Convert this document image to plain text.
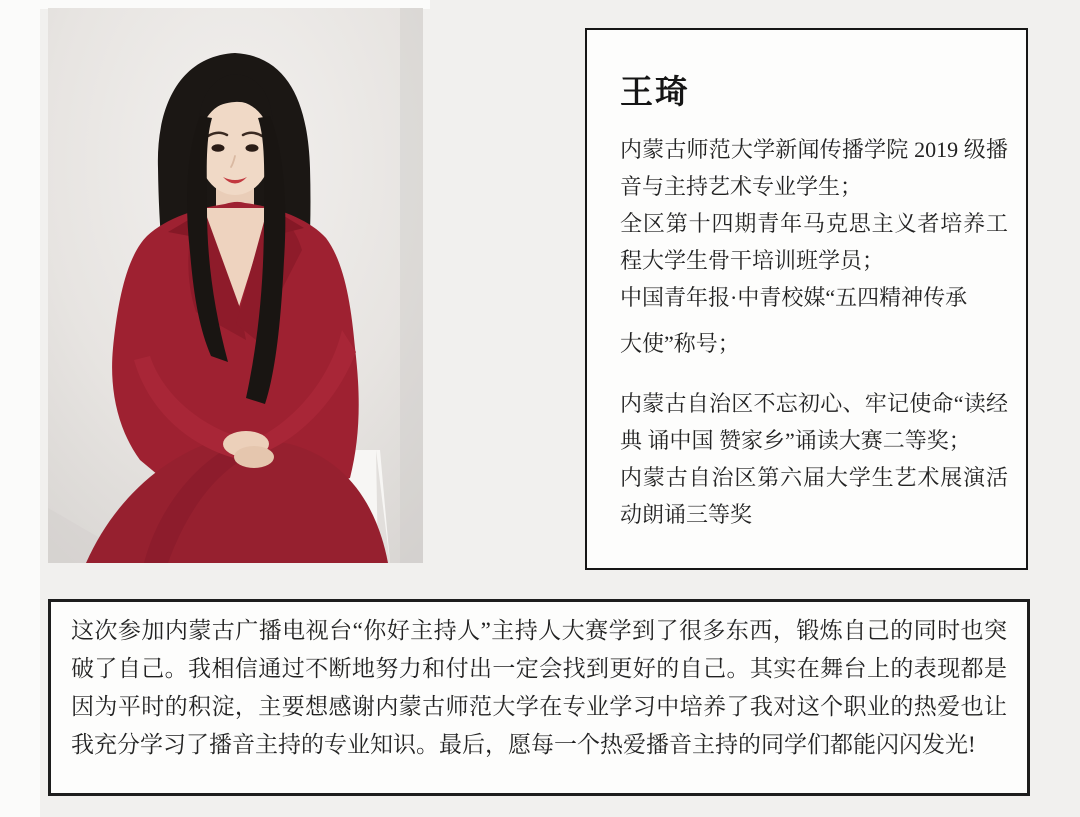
王琦

内蒙古师范大学新闻传播学院 2019 级播音与主持艺术专业学生；

全区第十四期青年马克思主义者培养工程大学生骨干培训班学员；

中国青年报·中青校媒“五四精神传承

大使”称号；

内蒙古自治区不忘初心、牢记使命“读经典 诵中国 赞家乡”诵读大赛二等奖；

内蒙古自治区第六届大学生艺术展演活动朗诵三等奖

这次参加内蒙古广播电视台“你好主持人”主持人大赛学到了很多东西，锻炼自己的同时也突破了自己。我相信通过不断地努力和付出一定会找到更好的自己。其实在舞台上的表现都是因为平时的积淀，主要想感谢内蒙古师范大学在专业学习中培养了我对这个职业的热爱也让我充分学习了播音主持的专业知识。最后，愿每一个热爱播音主持的同学们都能闪闪发光!
